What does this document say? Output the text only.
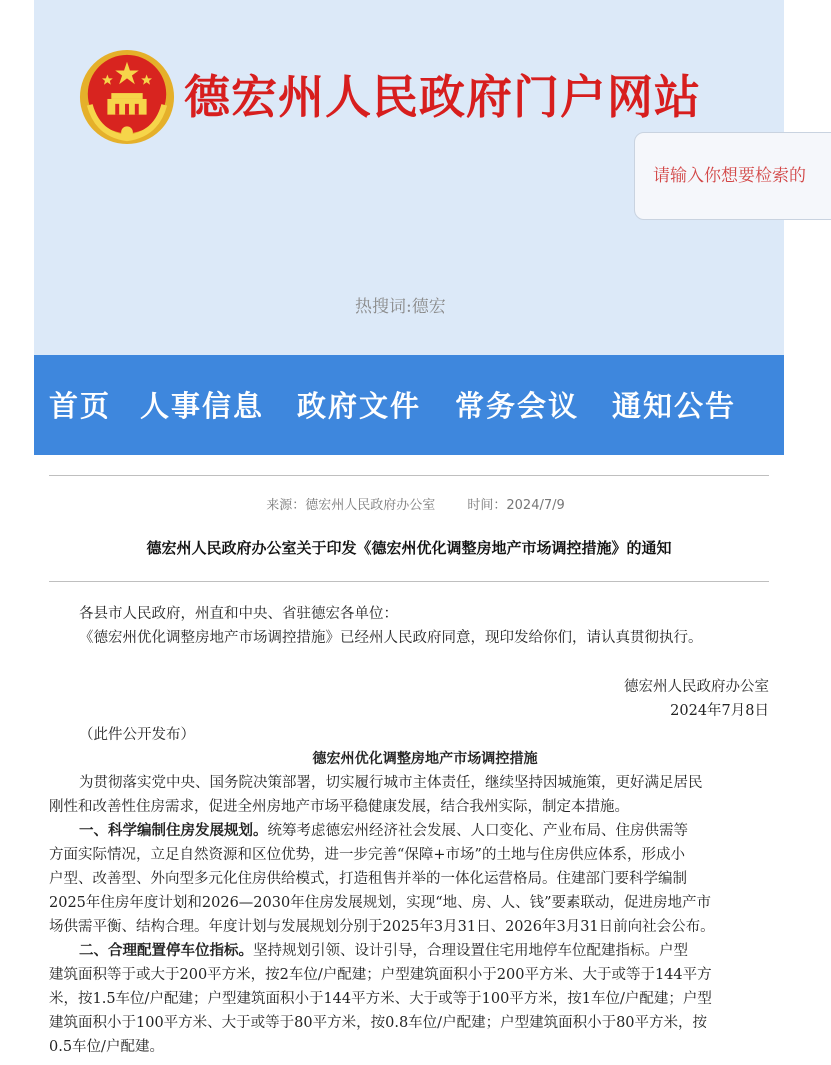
德宏州人民政府门户网站
请输入你想要检索的
热搜词:德宏
首页 人事信息 政府文件 常务会议 通知公告
来源：德宏州人民政府办公室 时间：2024/7/9
德宏州人民政府办公室关于印发《德宏州优化调整房地产市场调控措施》的通知
各县市人民政府，州直和中央、省驻德宏各单位：
《德宏州优化调整房地产市场调控措施》已经州人民政府同意，现印发给你们，请认真贯彻执行。
德宏州人民政府办公室
2024年7月8日
（此件公开发布）
德宏州优化调整房地产市场调控措施
为贯彻落实党中央、国务院决策部署，切实履行城市主体责任，继续坚持因城施策，更好满足居民
刚性和改善性住房需求，促进全州房地产市场平稳健康发展，结合我州实际，制定本措施。
一、科学编制住房发展规划。统筹考虑德宏州经济社会发展、人口变化、产业布局、住房供需等
方面实际情况，立足自然资源和区位优势，进一步完善“保障+市场”的土地与住房供应体系，形成小
户型、改善型、外向型多元化住房供给模式，打造租售并举的一体化运营格局。住建部门要科学编制
2025年住房年度计划和2026—2030年住房发展规划，实现“地、房、人、钱”要素联动，促进房地产市
场供需平衡、结构合理。年度计划与发展规划分别于2025年3月31日、2026年3月31日前向社会公布。
二、合理配置停车位指标。坚持规划引领、设计引导，合理设置住宅用地停车位配建指标。户型
建筑面积等于或大于200平方米，按2车位/户配建；户型建筑面积小于200平方米、大于或等于144平方
米，按1.5车位/户配建；户型建筑面积小于144平方米、大于或等于100平方米，按1车位/户配建；户型
建筑面积小于100平方米、大于或等于80平方米，按0.8车位/户配建；户型建筑面积小于80平方米，按
0.5车位/户配建。
